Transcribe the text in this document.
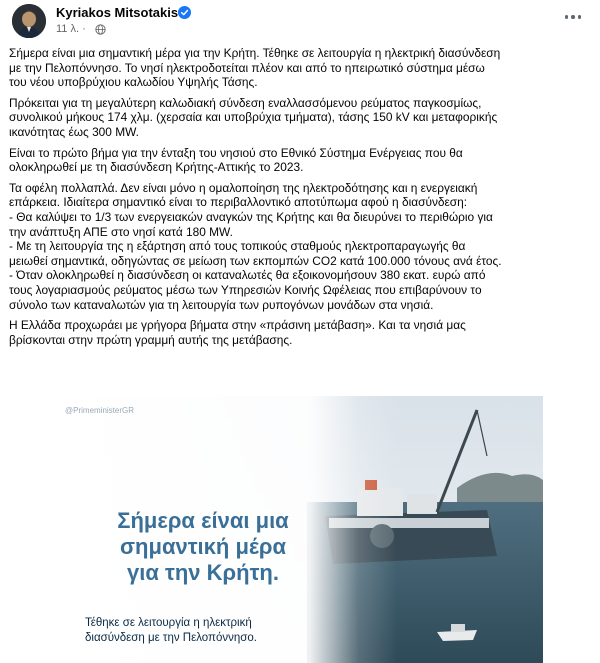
Kyriakos Mitsotakis
11 λ. ·

Σήμερα είναι μια σημαντική μέρα για την Κρήτη. Τέθηκε σε λειτουργία η ηλεκτρική διασύνδεση
με την Πελοπόννησο. Το νησί ηλεκτροδοτείται πλέον και από το ηπειρωτικό σύστημα μέσω
του νέου υποβρύχιου καλωδίου Υψηλής Τάσης.

Πρόκειται για τη μεγαλύτερη καλωδιακή σύνδεση εναλλασσόμενου ρεύματος παγκοσμίως,
συνολικού μήκους 174 χλμ. (χερσαία και υποβρύχια τμήματα), τάσης 150 kV και μεταφορικής
ικανότητας έως 300 MW.

Είναι το πρώτο βήμα για την ένταξη του νησιού στο Εθνικό Σύστημα Ενέργειας που θα
ολοκληρωθεί με τη διασύνδεση Κρήτης-Αττικής το 2023.

Τα οφέλη πολλαπλά. Δεν είναι μόνο η ομαλοποίηση της ηλεκτροδότησης και η ενεργειακή
επάρκεια. Ιδιαίτερα σημαντικό είναι το περιβαλλοντικό αποτύπωμα αφού η διασύνδεση:
- Θα καλύψει το 1/3 των ενεργειακών αναγκών της Κρήτης και θα διευρύνει το περιθώριο για
την ανάπτυξη ΑΠΕ στο νησί κατά 180 MW.
- Με τη λειτουργία της η εξάρτηση από τους τοπικούς σταθμούς ηλεκτροπαραγωγής θα
μειωθεί σημαντικά, οδηγώντας σε μείωση των εκπομπών CO2 κατά 100.000 τόνους ανά έτος.
- Όταν ολοκληρωθεί η διασύνδεση οι καταναλωτές θα εξοικονομήσουν 380 εκατ. ευρώ από
τους λογαριασμούς ρεύματος μέσω των Υπηρεσιών Κοινής Ωφέλειας που επιβαρύνουν το
σύνολο των καταναλωτών για τη λειτουργία των ρυπογόνων μονάδων στα νησιά.

Η Ελλάδα προχωράει με γρήγορα βήματα στην «πράσινη μετάβαση». Και τα νησιά μας
βρίσκονται στην πρώτη γραμμή αυτής της μετάβασης.

@PrimeministerGR
Σήμερα είναι μια
σημαντική μέρα
για την Κρήτη.
Τέθηκε σε λειτουργία η ηλεκτρική
διασύνδεση με την Πελοπόννησο.
